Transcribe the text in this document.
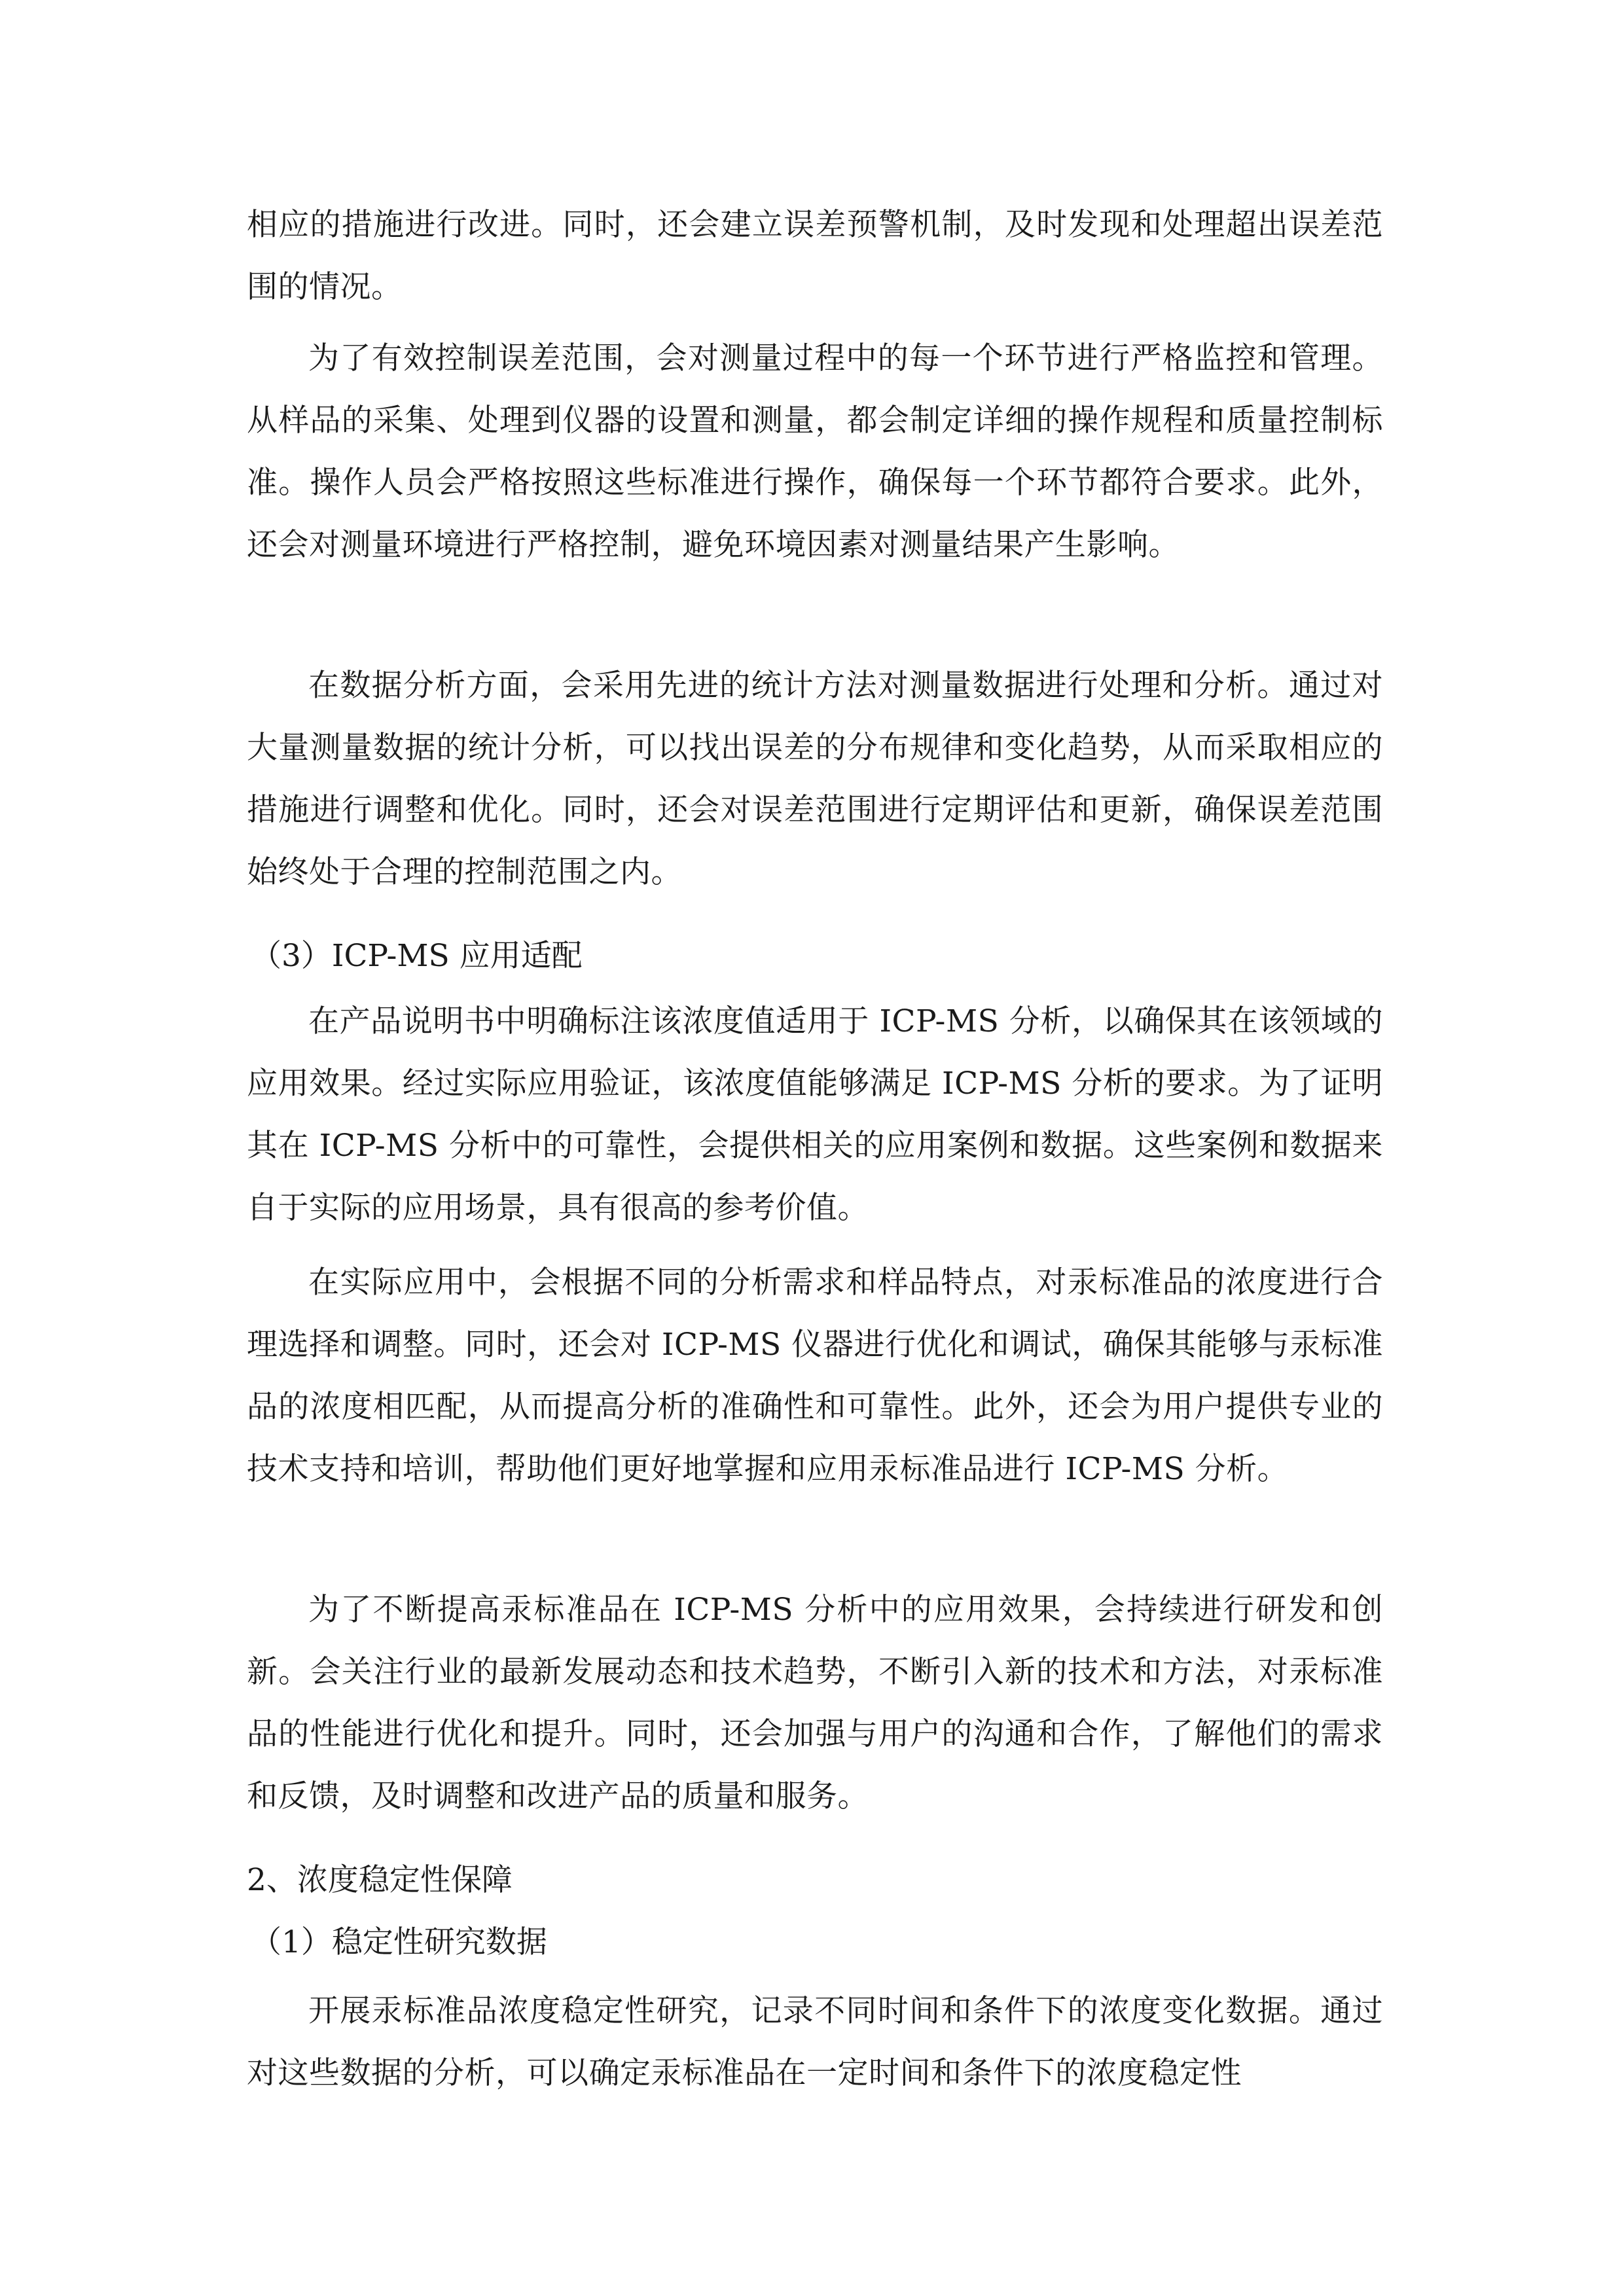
相应的措施进行改进。同时，还会建立误差预警机制，及时发现和处理超出误差范围的情况。

为了有效控制误差范围，会对测量过程中的每一个环节进行严格监控和管理。从样品的采集、处理到仪器的设置和测量，都会制定详细的操作规程和质量控制标准。操作人员会严格按照这些标准进行操作，确保每一个环节都符合要求。此外，还会对测量环境进行严格控制，避免环境因素对测量结果产生影响。

在数据分析方面，会采用先进的统计方法对测量数据进行处理和分析。通过对大量测量数据的统计分析，可以找出误差的分布规律和变化趋势，从而采取相应的措施进行调整和优化。同时，还会对误差范围进行定期评估和更新，确保误差范围始终处于合理的控制范围之内。

（3）ICP-MS 应用适配

在产品说明书中明确标注该浓度值适用于 ICP-MS 分析，以确保其在该领域的应用效果。经过实际应用验证，该浓度值能够满足 ICP-MS 分析的要求。为了证明其在 ICP-MS 分析中的可靠性，会提供相关的应用案例和数据。这些案例和数据来自于实际的应用场景，具有很高的参考价值。

在实际应用中，会根据不同的分析需求和样品特点，对汞标准品的浓度进行合理选择和调整。同时，还会对 ICP-MS 仪器进行优化和调试，确保其能够与汞标准品的浓度相匹配，从而提高分析的准确性和可靠性。此外，还会为用户提供专业的技术支持和培训，帮助他们更好地掌握和应用汞标准品进行 ICP-MS 分析。

为了不断提高汞标准品在 ICP-MS 分析中的应用效果，会持续进行研发和创新。会关注行业的最新发展动态和技术趋势，不断引入新的技术和方法，对汞标准品的性能进行优化和提升。同时，还会加强与用户的沟通和合作，了解他们的需求和反馈，及时调整和改进产品的质量和服务。

2、浓度稳定性保障

（1）稳定性研究数据

开展汞标准品浓度稳定性研究，记录不同时间和条件下的浓度变化数据。通过对这些数据的分析，可以确定汞标准品在一定时间和条件下的浓度稳定性
